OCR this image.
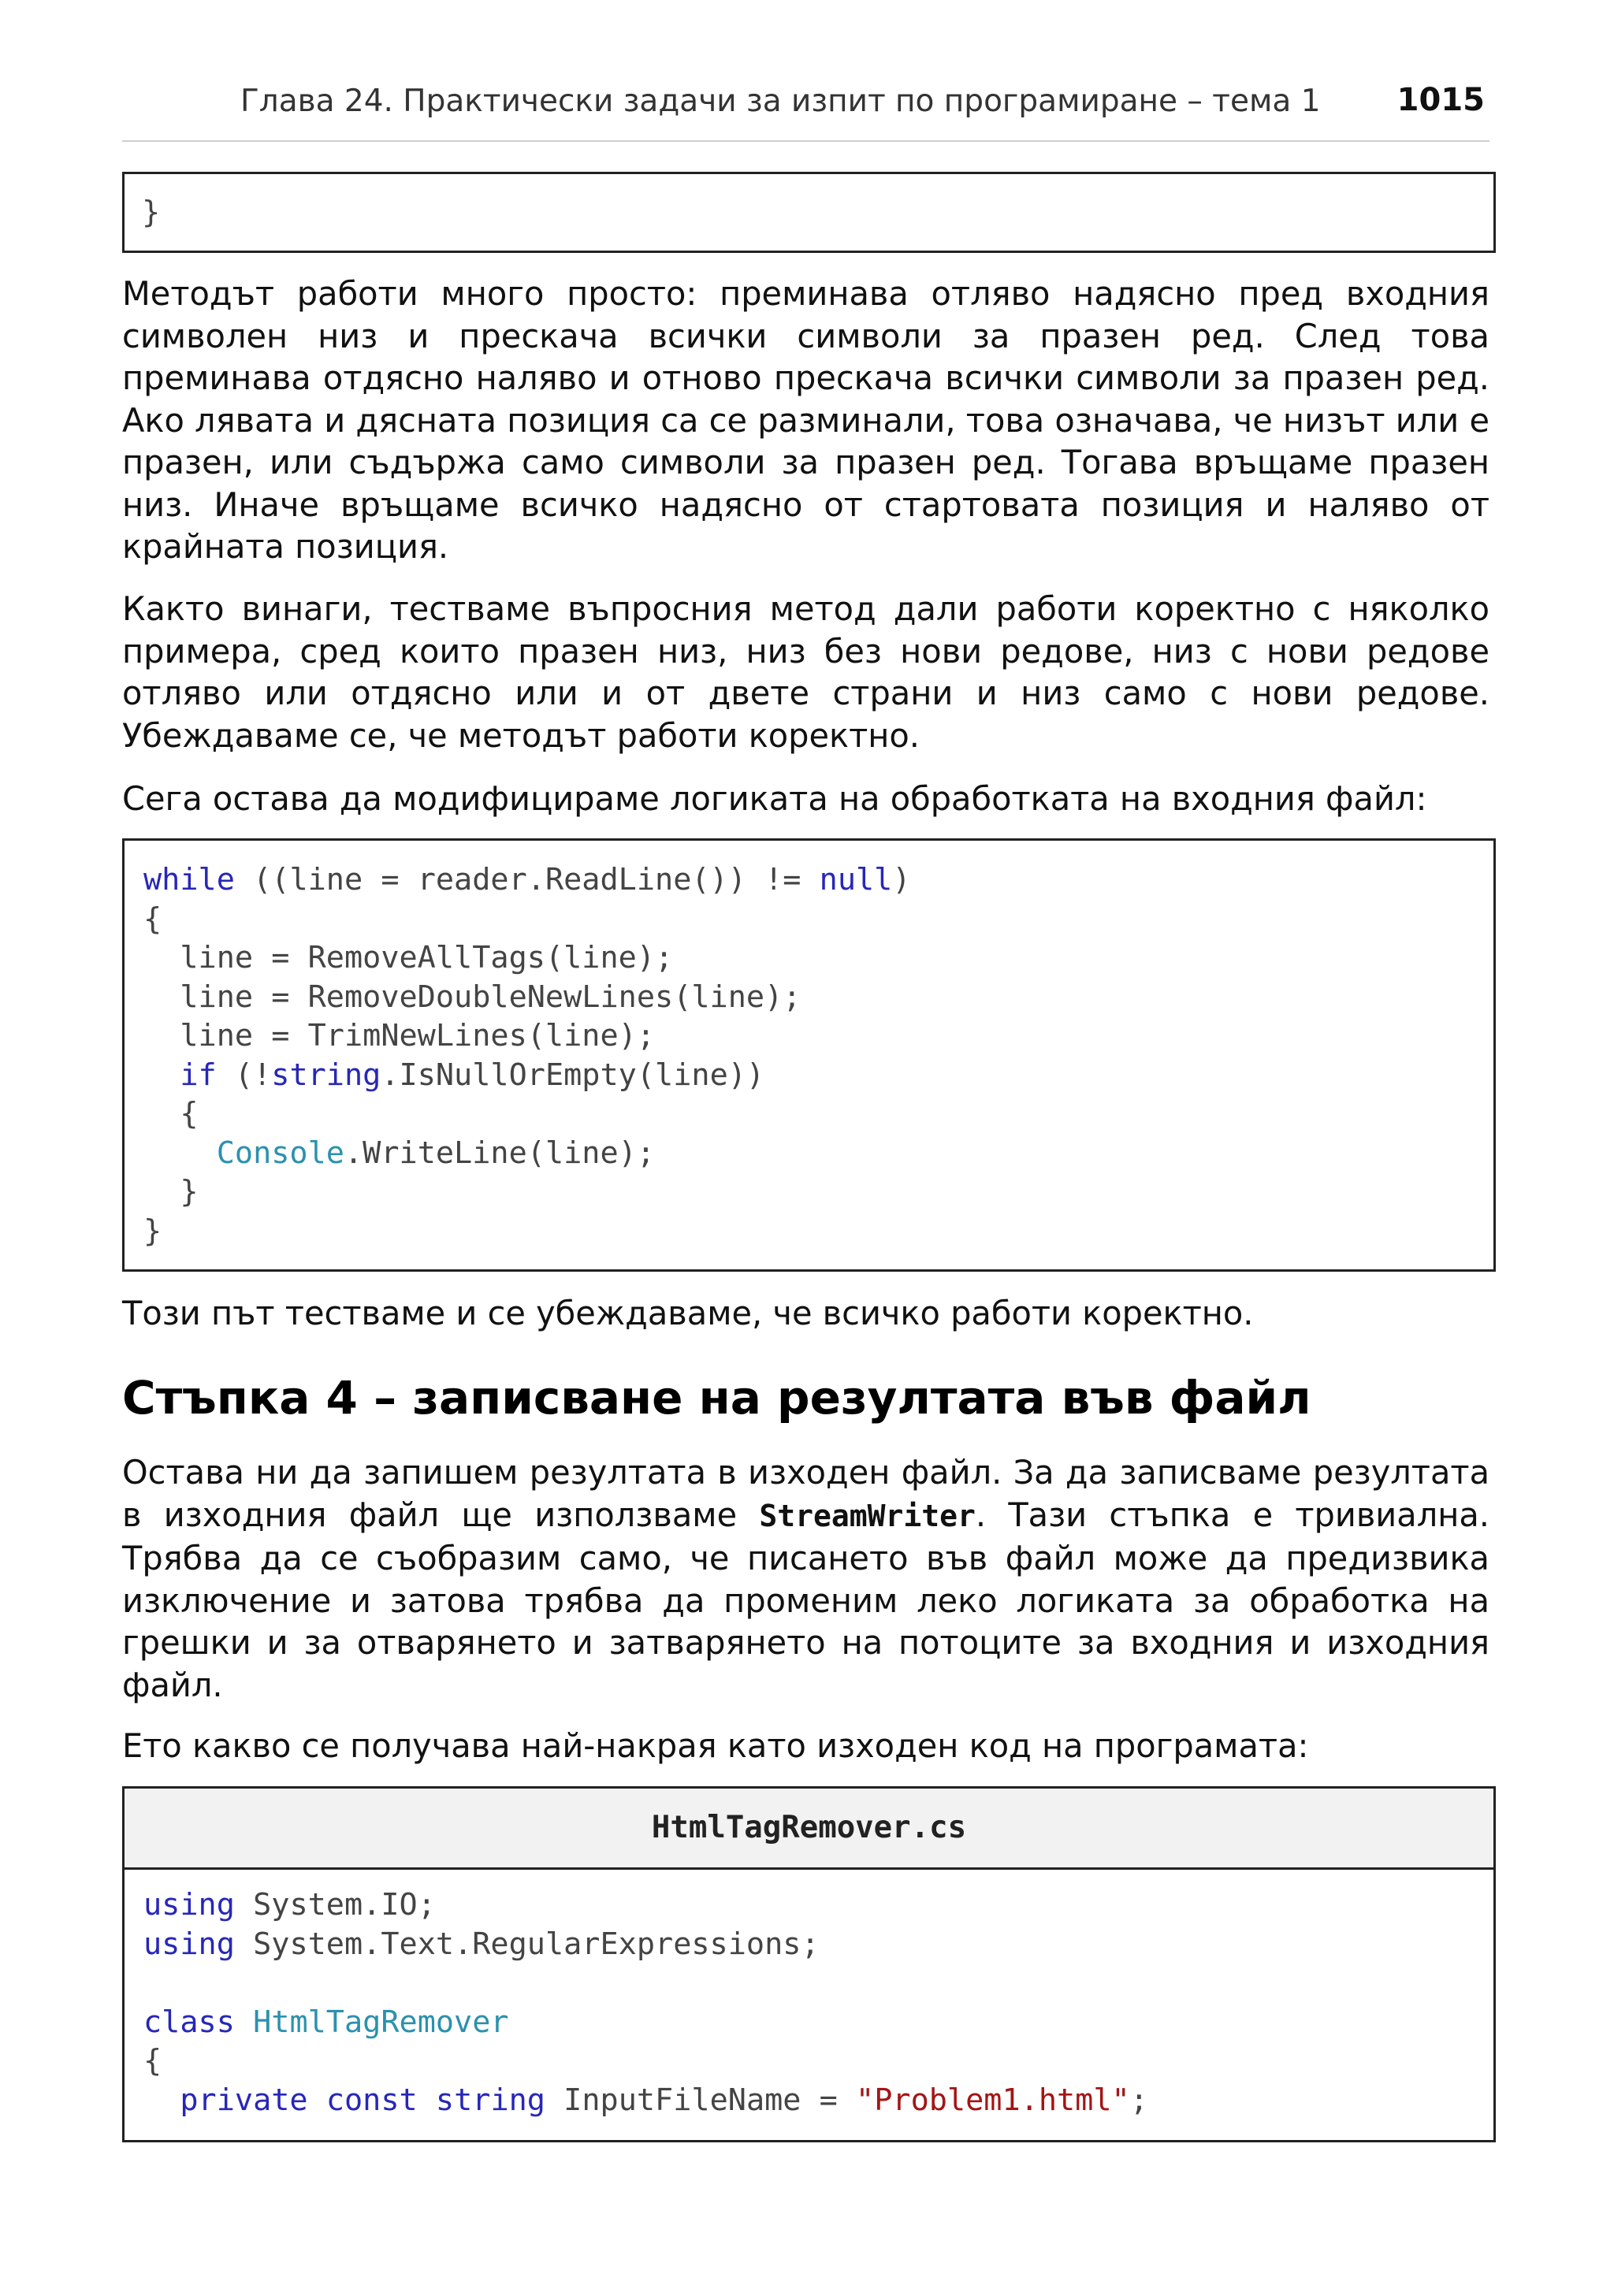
Глава 24. Практически задачи за изпит по програмиране – тема 1 1015
}

Методът работи много просто: преминава отляво надясно пред входния символен низ и прескача всички символи за празен ред. След това преминава отдясно наляво и отново прескача всички символи за празен ред. Ако лявата и дясната позиция са се разминали, това означава, че низът или е празен, или съдържа само символи за празен ред. Тогава връщаме празен низ. Иначе връщаме всичко надясно от стартовата позиция и наляво от крайната позиция.

Както винаги, тестваме въпросния метод дали работи коректно с няколко примера, сред които празен низ, низ без нови редове, низ с нови редове отляво или отдясно или и от двете страни и низ само с нови редове. Убеждаваме се, че методът работи коректно.

Сега остава да модифицираме логиката на обработката на входния файл:

while ((line = reader.ReadLine()) != null)
{
line = RemoveAllTags(line);
line = RemoveDoubleNewLines(line);
line = TrimNewLines(line);
if (!string.IsNullOrEmpty(line))
{
Console.WriteLine(line);
}
}

Този път тестваме и се убеждаваме, че всичко работи коректно.

Стъпка 4 – записване на резултата във файл

Остава ни да запишем резултата в изходен файл. За да записваме резултата в изходния файл ще използваме StreamWriter. Тази стъпка е тривиална. Трябва да се съобразим само, че писането във файл може да предизвика изключение и затова трябва да променим леко логиката за обработка на грешки и за отварянето и затварянето на потоците за входния и изходния файл.

Ето какво се получава най-накрая като изходен код на програмата:

HtmlTagRemover.cs
using System.IO;
using System.Text.RegularExpressions;

class HtmlTagRemover
{
private const string InputFileName = "Problem1.html";
